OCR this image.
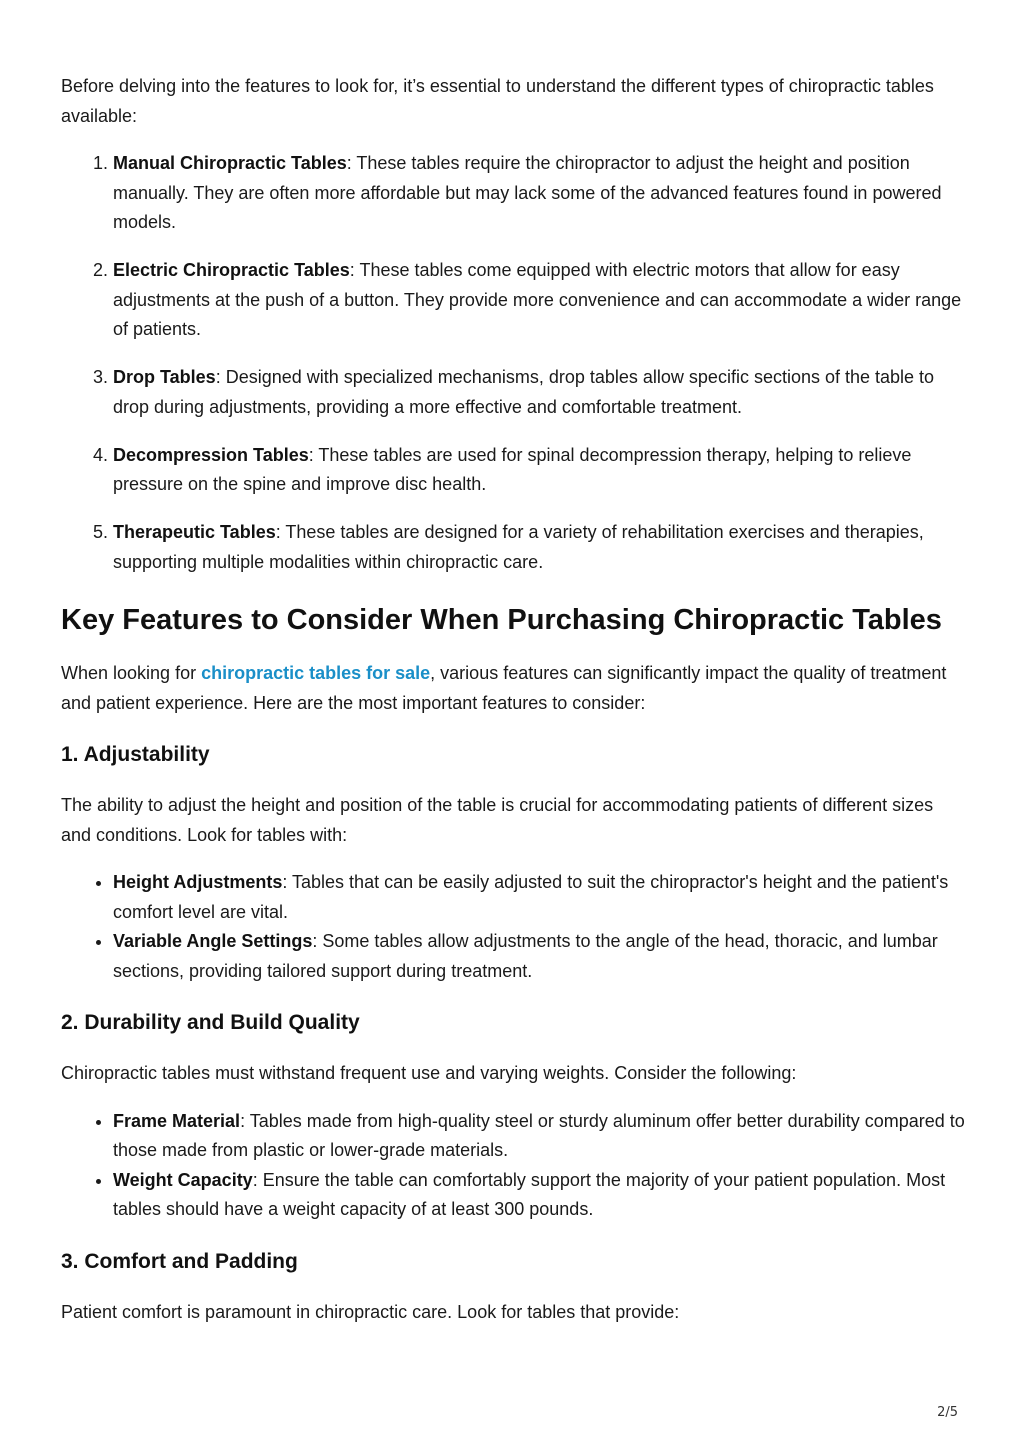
Before delving into the features to look for, it’s essential to understand the different types of chiropractic tables available:

1. Manual Chiropractic Tables: These tables require the chiropractor to adjust the height and position manually. They are often more affordable but may lack some of the advanced features found in powered models.
2. Electric Chiropractic Tables: These tables come equipped with electric motors that allow for easy adjustments at the push of a button. They provide more convenience and can accommodate a wider range of patients.
3. Drop Tables: Designed with specialized mechanisms, drop tables allow specific sections of the table to drop during adjustments, providing a more effective and comfortable treatment.
4. Decompression Tables: These tables are used for spinal decompression therapy, helping to relieve pressure on the spine and improve disc health.
5. Therapeutic Tables: These tables are designed for a variety of rehabilitation exercises and therapies, supporting multiple modalities within chiropractic care.
Key Features to Consider When Purchasing Chiropractic Tables

When looking for chiropractic tables for sale, various features can significantly impact the quality of treatment and patient experience. Here are the most important features to consider:

1. Adjustability

The ability to adjust the height and position of the table is crucial for accommodating patients of different sizes and conditions. Look for tables with:

• Height Adjustments: Tables that can be easily adjusted to suit the chiropractor's height and the patient's comfort level are vital.
• Variable Angle Settings: Some tables allow adjustments to the angle of the head, thoracic, and lumbar sections, providing tailored support during treatment.
2. Durability and Build Quality

Chiropractic tables must withstand frequent use and varying weights. Consider the following:

• Frame Material: Tables made from high-quality steel or sturdy aluminum offer better durability compared to those made from plastic or lower-grade materials.
• Weight Capacity: Ensure the table can comfortably support the majority of your patient population. Most tables should have a weight capacity of at least 300 pounds.
3. Comfort and Padding

Patient comfort is paramount in chiropractic care. Look for tables that provide:

2/5
